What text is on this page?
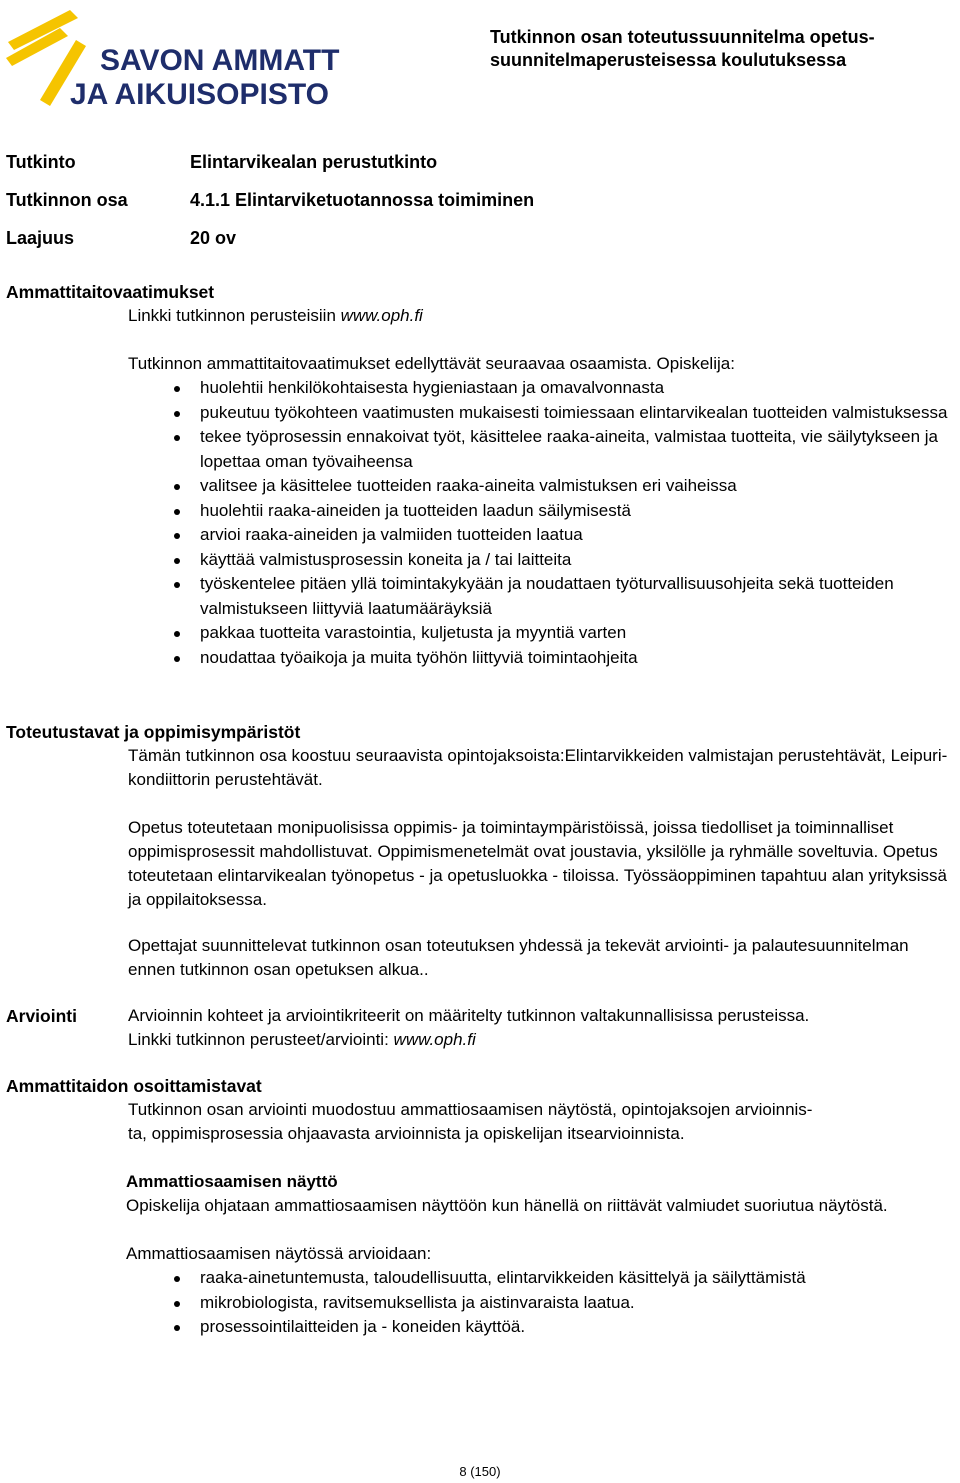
SAVON AMMATTI-
JA AIKUISOPISTO
Tutkinnon osan toteutussuunnitelma opetus-
suunnitelmaperusteisessa koulutuksessa
Tutkinto	Elintarvikealan perustutkinto
Tutkinnon osa	4.1.1 Elintarviketuotannossa toimiminen
Laajuus	20 ov
Ammattitaitovaatimukset
Linkki tutkinnon perusteisiin www.oph.fi
Tutkinnon ammattitaitovaatimukset edellyttävät seuraavaa osaamista. Opiskelija:
huolehtii henkilökohtaisesta hygieniastaan ja omavalvonnasta
pukeutuu työkohteen vaatimusten mukaisesti toimiessaan elintarvikealan tuotteiden valmistuksessa
tekee työprosessin ennakoivat työt, käsittelee raaka-aineita, valmistaa tuotteita, vie säilytykseen ja lopettaa oman työvaiheensa
valitsee ja käsittelee tuotteiden raaka-aineita valmistuksen eri vaiheissa
huolehtii raaka-aineiden ja tuotteiden laadun säilymisestä
arvioi raaka-aineiden ja valmiiden tuotteiden laatua
käyttää valmistusprosessin koneita ja / tai laitteita
työskentelee pitäen yllä toimintakykyään ja noudattaen työturvallisuusohjeita sekä tuotteiden valmistukseen liittyviä laatumääräyksiä
pakkaa tuotteita varastointia, kuljetusta ja myyntiä varten
noudattaa työaikoja ja muita työhön liittyviä toimintaohjeita
Toteutustavat ja oppimisympäristöt
Tämän tutkinnon osa koostuu seuraavista opintojaksoista:Elintarvikkeiden valmistajan perustehtävät, Leipuri-kondiittorin perustehtävät.
Opetus toteutetaan monipuolisissa oppimis- ja toimintaympäristöissä, joissa tiedolliset ja toiminnalliset oppimisprosessit mahdollistuvat. Oppimismenetelmät ovat joustavia, yksilölle ja ryhmälle soveltuvia. Opetus toteutetaan elintarvikealan työnopetus - ja opetusluokka - tiloissa. Työssäoppiminen tapahtuu alan yrityksissä ja oppilaitoksessa.
Opettajat suunnittelevat tutkinnon osan toteutuksen yhdessä ja tekevät arviointi- ja palautesuunnitelman ennen tutkinnon osan opetuksen alkua..
Arviointi	Arvioinnin kohteet ja arviointikriteerit on määritelty tutkinnon valtakunnallisissa perusteissa.
Linkki tutkinnon perusteet/arviointi: www.oph.fi
Ammattitaidon osoittamistavat
Tutkinnon osan arviointi muodostuu ammattiosaamisen näytöstä, opintojaksojen arvioinnis-
ta, oppimisprosessia ohjaavasta arvioinnista ja opiskelijan itsearvioinnista.
Ammattiosaamisen näyttö
Opiskelija ohjataan ammattiosaamisen näyttöön kun hänellä on riittävät valmiudet suoriutua näytöstä.
Ammattiosaamisen näytössä arvioidaan:
raaka-ainetuntemusta, taloudellisuutta, elintarvikkeiden käsittelyä ja säilyttämistä
mikrobiologista, ravitsemuksellista ja aistinvaraista laatua.
prosessointilaitteiden ja - koneiden käyttöä.
8 (150)
